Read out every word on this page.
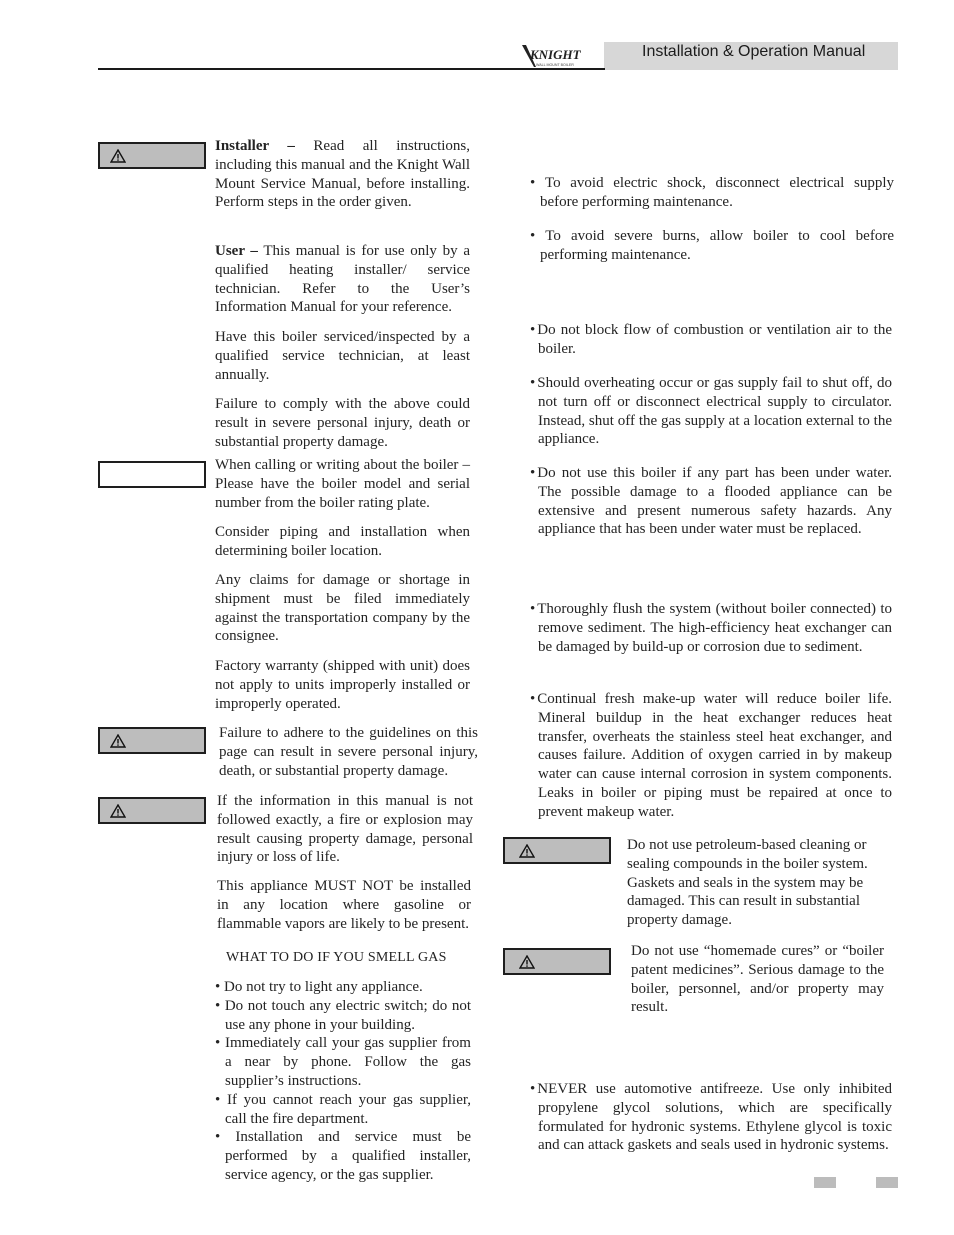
Installation & Operation Manual
KNIGHT
WALL MOUNT BOILER
Installer – Read all instructions, including this manual and the Knight Wall Mount Service Manual, before installing. Perform steps in the order given.
User – This manual is for use only by a qualified heating installer/ service technician. Refer to the User’s Information Manual for your reference.
Have this boiler serviced/inspected by a qualified service technician, at least annually.
Failure to comply with the above could result in severe personal injury, death or substantial property damage.
When calling or writing about the boiler – Please have the boiler model and serial number from the boiler rating plate.
Consider piping and installation when determining boiler location.
Any claims for damage or shortage in shipment must be filed immediately against the transportation company by the consignee.
Factory warranty (shipped with unit) does not apply to units improperly installed or improperly operated.
Failure to adhere to the guidelines on this page can result in severe personal injury, death, or substantial property damage.
If the information in this manual is not followed exactly, a fire or explosion may result causing property damage, personal injury or loss of life.
This appliance MUST NOT be installed in any location where gasoline or flammable vapors are likely to be present.
WHAT TO DO IF YOU SMELL GAS
• Do not try to light any appliance.
• Do not touch any electric switch; do not use any phone in your building.
• Immediately call your gas supplier from a near by phone. Follow the gas supplier’s instructions.
• If you cannot reach your gas supplier, call the fire department.
• Installation and service must be performed by a qualified installer, service agency, or the gas supplier.
• To avoid electric shock, disconnect electrical supply before performing maintenance.
• To avoid severe burns, allow boiler to cool before performing maintenance.
• Do not block flow of combustion or ventilation air to the boiler.
• Should overheating occur or gas supply fail to shut off, do not turn off or disconnect electrical supply to circulator. Instead, shut off the gas supply at a location external to the appliance.
• Do not use this boiler if any part has been under water. The possible damage to a flooded appliance can be extensive and present numerous safety hazards. Any appliance that has been under water must be replaced.
• Thoroughly flush the system (without boiler connected) to remove sediment. The high-efficiency heat exchanger can be damaged by build-up or corrosion due to sediment.
• Continual fresh make-up water will reduce boiler life. Mineral buildup in the heat exchanger reduces heat transfer, overheats the stainless steel heat exchanger, and causes failure. Addition of oxygen carried in by makeup water can cause internal corrosion in system components. Leaks in boiler or piping must be repaired at once to prevent makeup water.
Do not use petroleum-based cleaning or sealing compounds in the boiler system. Gaskets and seals in the system may be damaged. This can result in substantial property damage.
Do not use “homemade cures” or “boiler patent medicines”. Serious damage to the boiler, personnel, and/or property may result.
• NEVER use automotive antifreeze. Use only inhibited propylene glycol solutions, which are specifically formulated for hydronic systems. Ethylene glycol is toxic and can attack gaskets and seals used in hydronic systems.
